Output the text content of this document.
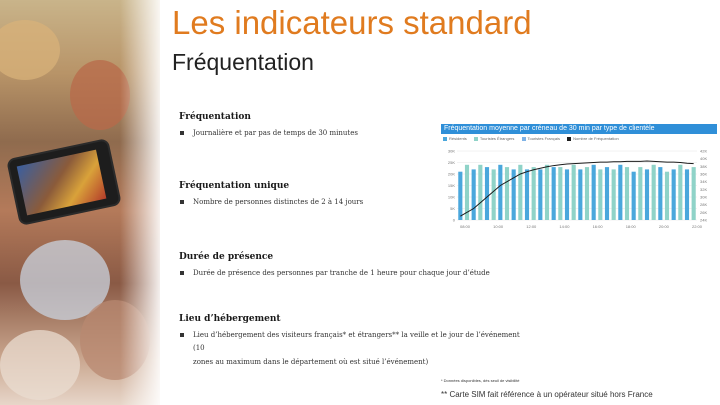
Les indicateurs standard
Fréquentation
Fréquentation
Journalière et par pas de temps de 30 minutes
Fréquentation unique
Nombre de personnes distinctes de 2 à 14 jours
Durée de présence
Durée de présence des personnes par tranche de 1 heure pour chaque jour d’étude
Lieu d’hébergement
Lieu d’hébergement des visiteurs français* et étrangers** la veille et le jour de l’événement (10
zones au maximum dans le département où est situé l’événement)
Fréquentation moyenne par créneau de 30 min par type de clientèle
Résidents	Touristes Étrangers	Touristes Français	Nombre de Fréquentation
0
5K
10K
15K
20K
25K
30K
24K
26K
28K
30K
32K
34K
36K
38K
40K
42K
08:00	10:00	12:00	14:00	16:00	18:00	20:00	22:00
* Données disponibles, dès seuil de visibilité
** Carte SIM fait référence à un opérateur situé hors France
